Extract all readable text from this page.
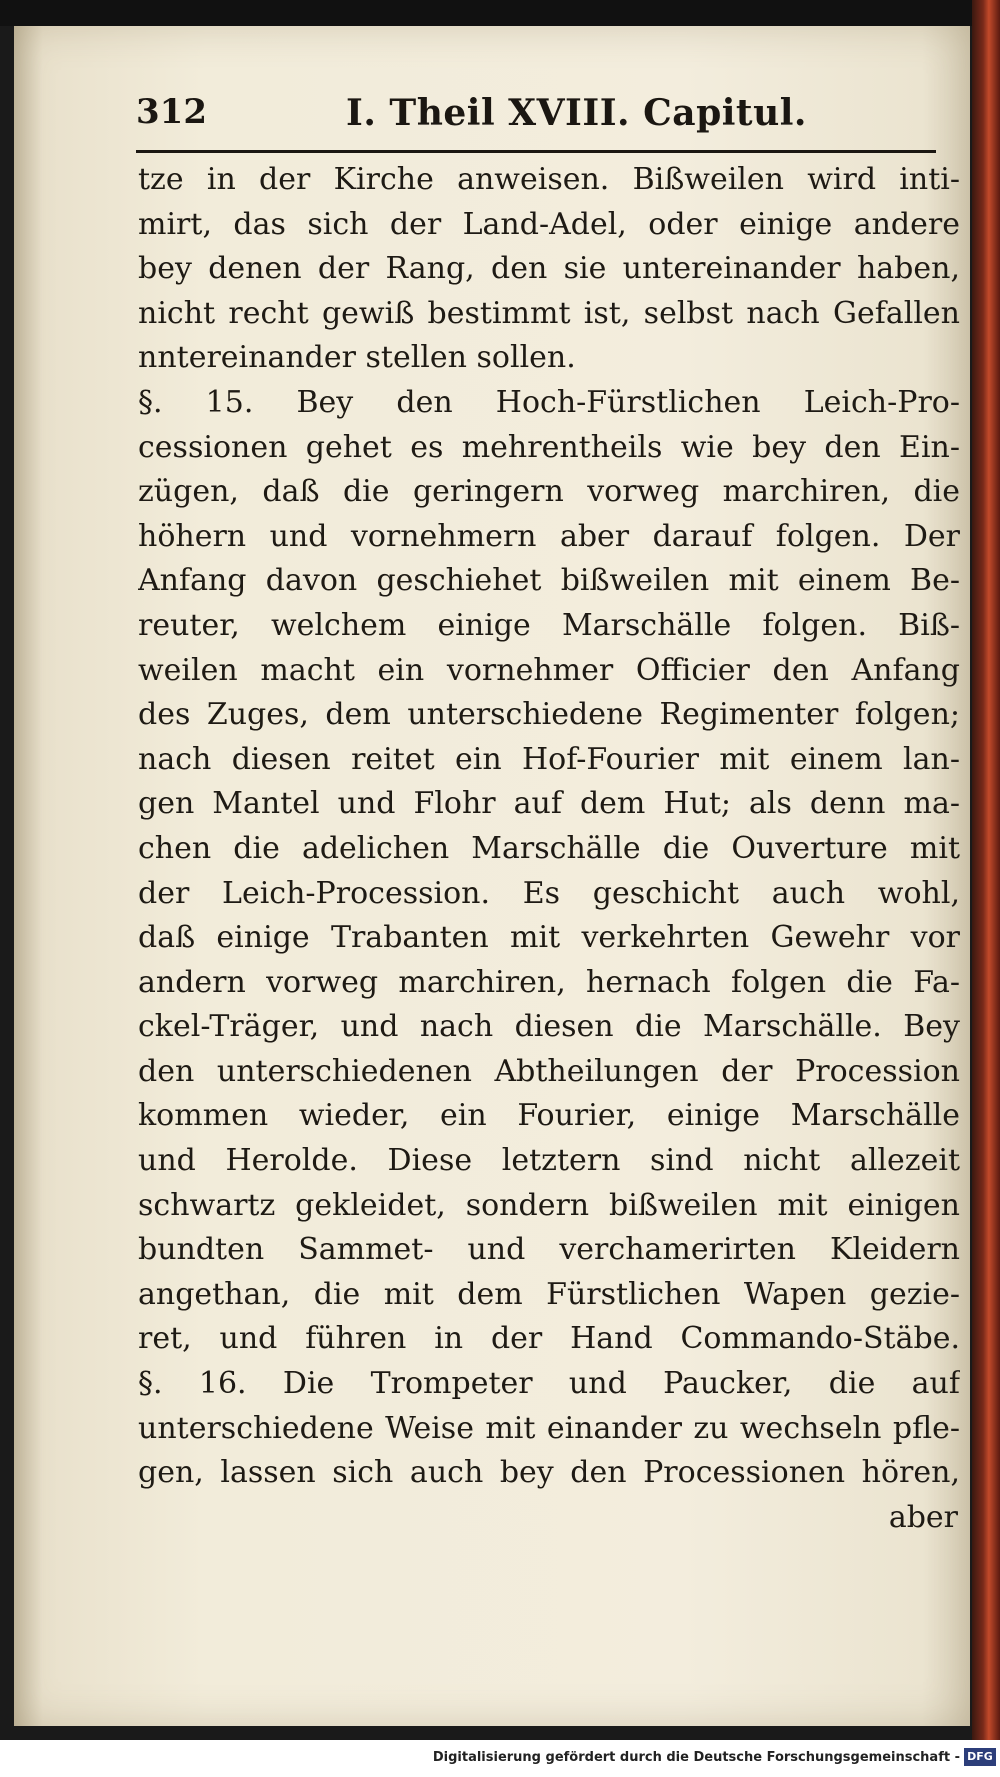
312	I. Theil XVIII. Capitul.
tze in der Kirche anweisen. Bißweilen wird inti-
mirt, das sich der Land-Adel, oder einige andere
bey denen der Rang, den sie untereinander haben,
nicht recht gewiß bestimmt ist, selbst nach Gefallen
nntereinander stellen sollen.
§. 15. Bey den Hoch-Fürstlichen Leich-Pro-
cessionen gehet es mehrentheils wie bey den Ein-
zügen, daß die geringern vorweg marchiren, die
höhern und vornehmern aber darauf folgen. Der
Anfang davon geschiehet bißweilen mit einem Be-
reuter, welchem einige Marschälle folgen. Biß-
weilen macht ein vornehmer Officier den Anfang
des Zuges, dem unterschiedene Regimenter folgen;
nach diesen reitet ein Hof-Fourier mit einem lan-
gen Mantel und Flohr auf dem Hut; als denn ma-
chen die adelichen Marschälle die Ouverture mit
der Leich-Procession. Es geschicht auch wohl,
daß einige Trabanten mit verkehrten Gewehr vor
andern vorweg marchiren, hernach folgen die Fa-
ckel-Träger, und nach diesen die Marschälle. Bey
den unterschiedenen Abtheilungen der Procession
kommen wieder, ein Fourier, einige Marschälle
und Herolde. Diese letztern sind nicht allezeit
schwartz gekleidet, sondern bißweilen mit einigen
bundten Sammet- und verchamerirten Kleidern
angethan, die mit dem Fürstlichen Wapen gezie-
ret, und führen in der Hand Commando-Stäbe.
§. 16. Die Trompeter und Paucker, die auf
unterschiedene Weise mit einander zu wechseln pfle-
gen, lassen sich auch bey den Processionen hören,
aber
Digitalisierung gefördert durch die Deutsche Forschungsgemeinschaft - DFG
